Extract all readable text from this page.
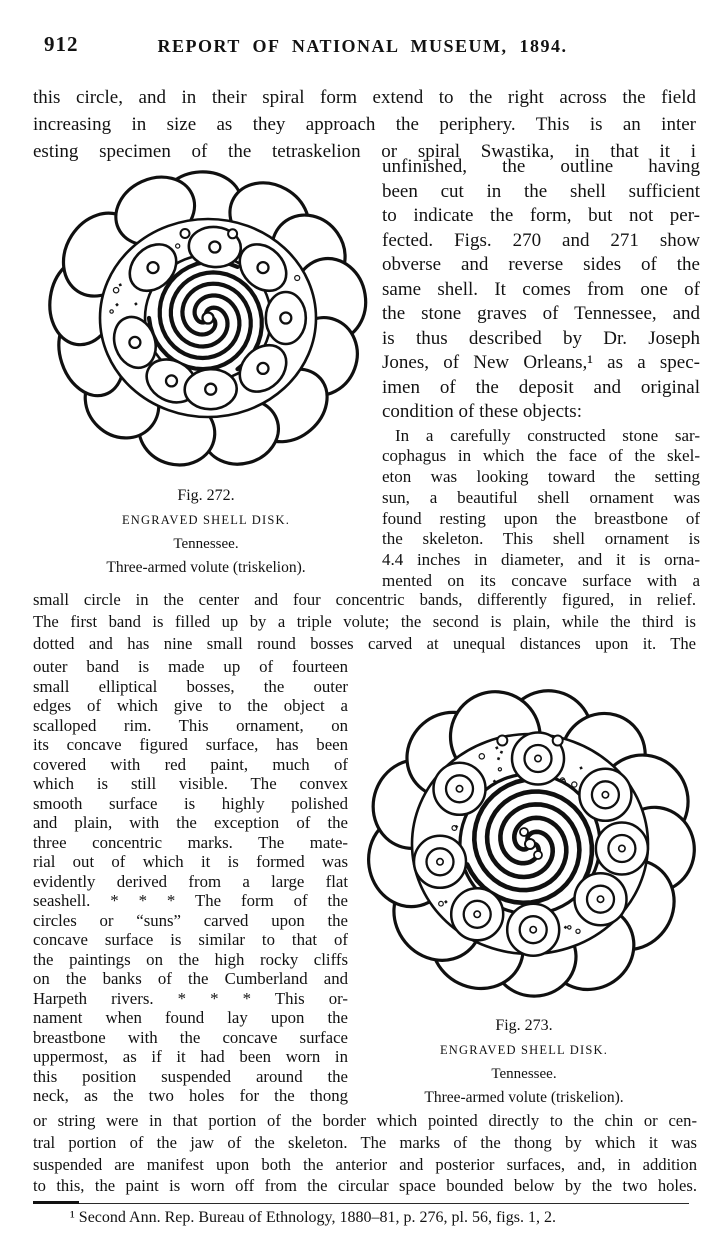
912	REPORT OF NATIONAL MUSEUM, 1894.
this circle, and in their spiral form extend to the right across the field
increasing in size as they approach the periphery. This is an inter
esting specimen of the tetraskelion or spiral Swastika, in that it i
Fig. 272.
ENGRAVED SHELL DISK.
Tennessee.
Three-armed volute (triskelion).
unfinished, the outline having
been cut in the shell sufficient
to indicate the form, but not per-
fected. Figs. 270 and 271 show
obverse and reverse sides of the
same shell. It comes from one of
the stone graves of Tennessee, and
is thus described by Dr. Joseph
Jones, of New Orleans,¹ as a spec-
imen of the deposit and original
condition of these objects:
In a carefully constructed stone sar-
cophagus in which the face of the skel-
eton was looking toward the setting
sun, a beautiful shell ornament was
found resting upon the breastbone of
the skeleton. This shell ornament is
4.4 inches in diameter, and it is orna-
mented on its concave surface with a
small circle in the center and four concentric bands, differently figured, in relief.
The first band is filled up by a triple volute; the second is plain, while the third is
dotted and has nine small round bosses carved at unequal distances upon it. The
outer band is made up of fourteen
small elliptical bosses, the outer
edges of which give to the object a
scalloped rim. This ornament, on
its concave figured surface, has been
covered with red paint, much of
which is still visible. The convex
smooth surface is highly polished
and plain, with the exception of the
three concentric marks. The mate-
rial out of which it is formed was
evidently derived from a large flat
seashell. * * * The form of the
circles or “suns” carved upon the
concave surface is similar to that of
the paintings on the high rocky cliffs
on the banks of the Cumberland and
Harpeth rivers. * * * This or-
nament when found lay upon the
breastbone with the concave surface
uppermost, as if it had been worn in
this position suspended around the
neck, as the two holes for the thong
Fig. 273.
ENGRAVED SHELL DISK.
Tennessee.
Three-armed volute (triskelion).
or string were in that portion of the border which pointed directly to the chin or cen-
tral portion of the jaw of the skeleton. The marks of the thong by which it was
suspended are manifest upon both the anterior and posterior surfaces, and, in addition
to this, the paint is worn off from the circular space bounded below by the two holes.
¹ Second Ann. Rep. Bureau of Ethnology, 1880–81, p. 276, pl. 56, figs. 1, 2.
